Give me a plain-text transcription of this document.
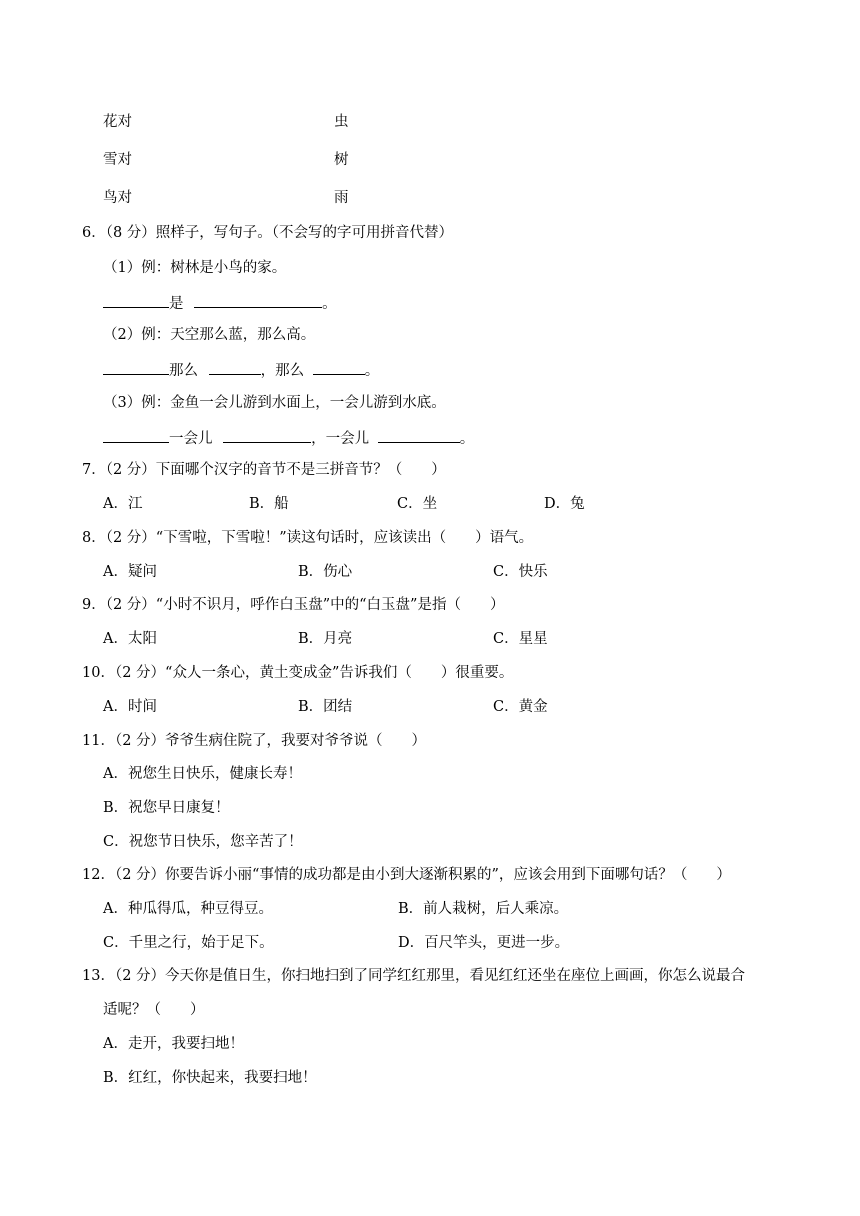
花对	虫
雪对	树
鸟对	雨
6．（8 分）照样子，写句子。（不会写的字可用拼音代替）
（1）例：树林是小鸟的家。
是	。
（2）例：天空那么蓝，那么高。
那么	，那么	。
（3）例：金鱼一会儿游到水面上，一会儿游到水底。
一会儿	，一会儿	。
7．（2 分）下面哪个汉字的音节不是三拼音节？（　　）
A．江	B．船	C．坐	D．兔
8．（2 分）“下雪啦，下雪啦！”读这句话时，应该读出（　　）语气。
A．疑问	B．伤心	C．快乐
9．（2 分）“小时不识月，呼作白玉盘”中的“白玉盘”是指（　　）
A．太阳	B．月亮	C．星星
10．（2 分）“众人一条心，黄土变成金”告诉我们（　　）很重要。
A．时间	B．团结	C．黄金
11．（2 分）爷爷生病住院了，我要对爷爷说（　　）
A．祝您生日快乐，健康长寿！
B．祝您早日康复！
C．祝您节日快乐，您辛苦了！
12．（2 分）你要告诉小丽“事情的成功都是由小到大逐渐积累的”，应该会用到下面哪句话？（　　）
A．种瓜得瓜，种豆得豆。	B．前人栽树，后人乘凉。
C．千里之行，始于足下。	D．百尺竿头，更进一步。
13．（2 分）今天你是值日生，你扫地扫到了同学红红那里，看见红红还坐在座位上画画，你怎么说最合
适呢？（　　）
A．走开，我要扫地！
B．红红，你快起来，我要扫地！
